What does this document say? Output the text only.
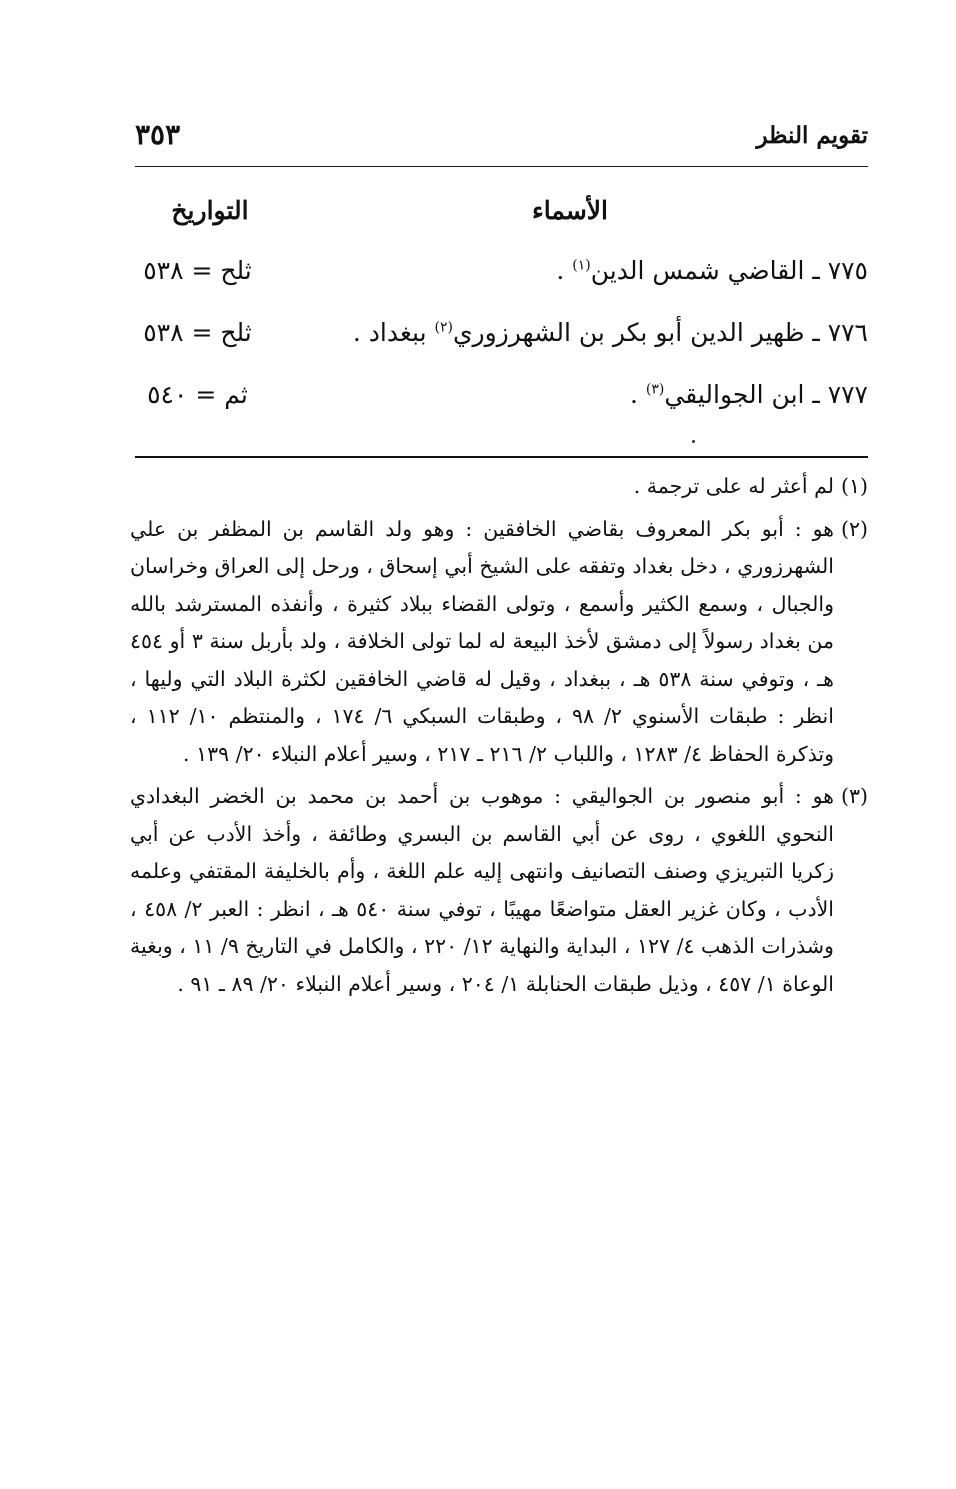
تقويم النظر
٣٥٣
الأسماء
التواريخ
٧٧٥ ـ القاضي شمس الدين$^{(١)}$ .
ثلح = ٥٣٨
٧٧٦ ـ ظهير الدين أبو بكر بن الشهرزوري$^{(٢)}$ ببغداد .
ثلح = ٥٣٨
٧٧٧ ـ ابن الجواليقي$^{(٣)}$ .
ثم = ٥٤٠
(١)
لم أعثر له على ترجمة .
(٢)
هو : أبو بكر المعروف بقاضي الخافقين : وهو ولد القاسم بن المظفر بن علي الشهرزوري ، دخل بغداد وتفقه على الشيخ أبي إسحاق ، ورحل إلى العراق وخراسان والجبال ، وسمع الكثير وأسمع ، وتولى القضاء ببلاد كثيرة ، وأنفذه المسترشد بالله من بغداد رسولاً إلى دمشق لأخذ البيعة له لما تولى الخلافة ، ولد بأربل سنة ٣ أو ٤٥٤ هـ ، وتوفي سنة ٥٣٨ هـ ، ببغداد ، وقيل له قاضي الخافقين لكثرة البلاد التي وليها ، انظر : طبقات الأسنوي ٢/ ٩٨ ، وطبقات السبكي ٦/ ١٧٤ ، والمنتظم ١٠/ ١١٢ ، وتذكرة الحفاظ ٤/ ١٢٨٣ ، واللباب ٢/ ٢١٦ ـ ٢١٧ ، وسير أعلام النبلاء ٢٠/ ١٣٩ .
(٣)
هو : أبو منصور بن الجواليقي : موهوب بن أحمد بن محمد بن الخضر البغدادي النحوي اللغوي ، روى عن أبي القاسم بن البسري وطائفة ، وأخذ الأدب عن أبي زكريا التبريزي وصنف التصانيف وانتهى إليه علم اللغة ، وأم بالخليفة المقتفي وعلمه الأدب ، وكان غزير العقل متواضعًا مهيبًا ، توفي سنة ٥٤٠ هـ ، انظر : العبر ٢/ ٤٥٨ ، وشذرات الذهب ٤/ ١٢٧ ، البداية والنهاية ١٢/ ٢٢٠ ، والكامل في التاريخ ٩/ ١١ ، وبغية الوعاة ١/ ٤٥٧ ، وذيل طبقات الحنابلة ١/ ٢٠٤ ، وسير أعلام النبلاء ٢٠/ ٨٩ ـ ٩١ .
